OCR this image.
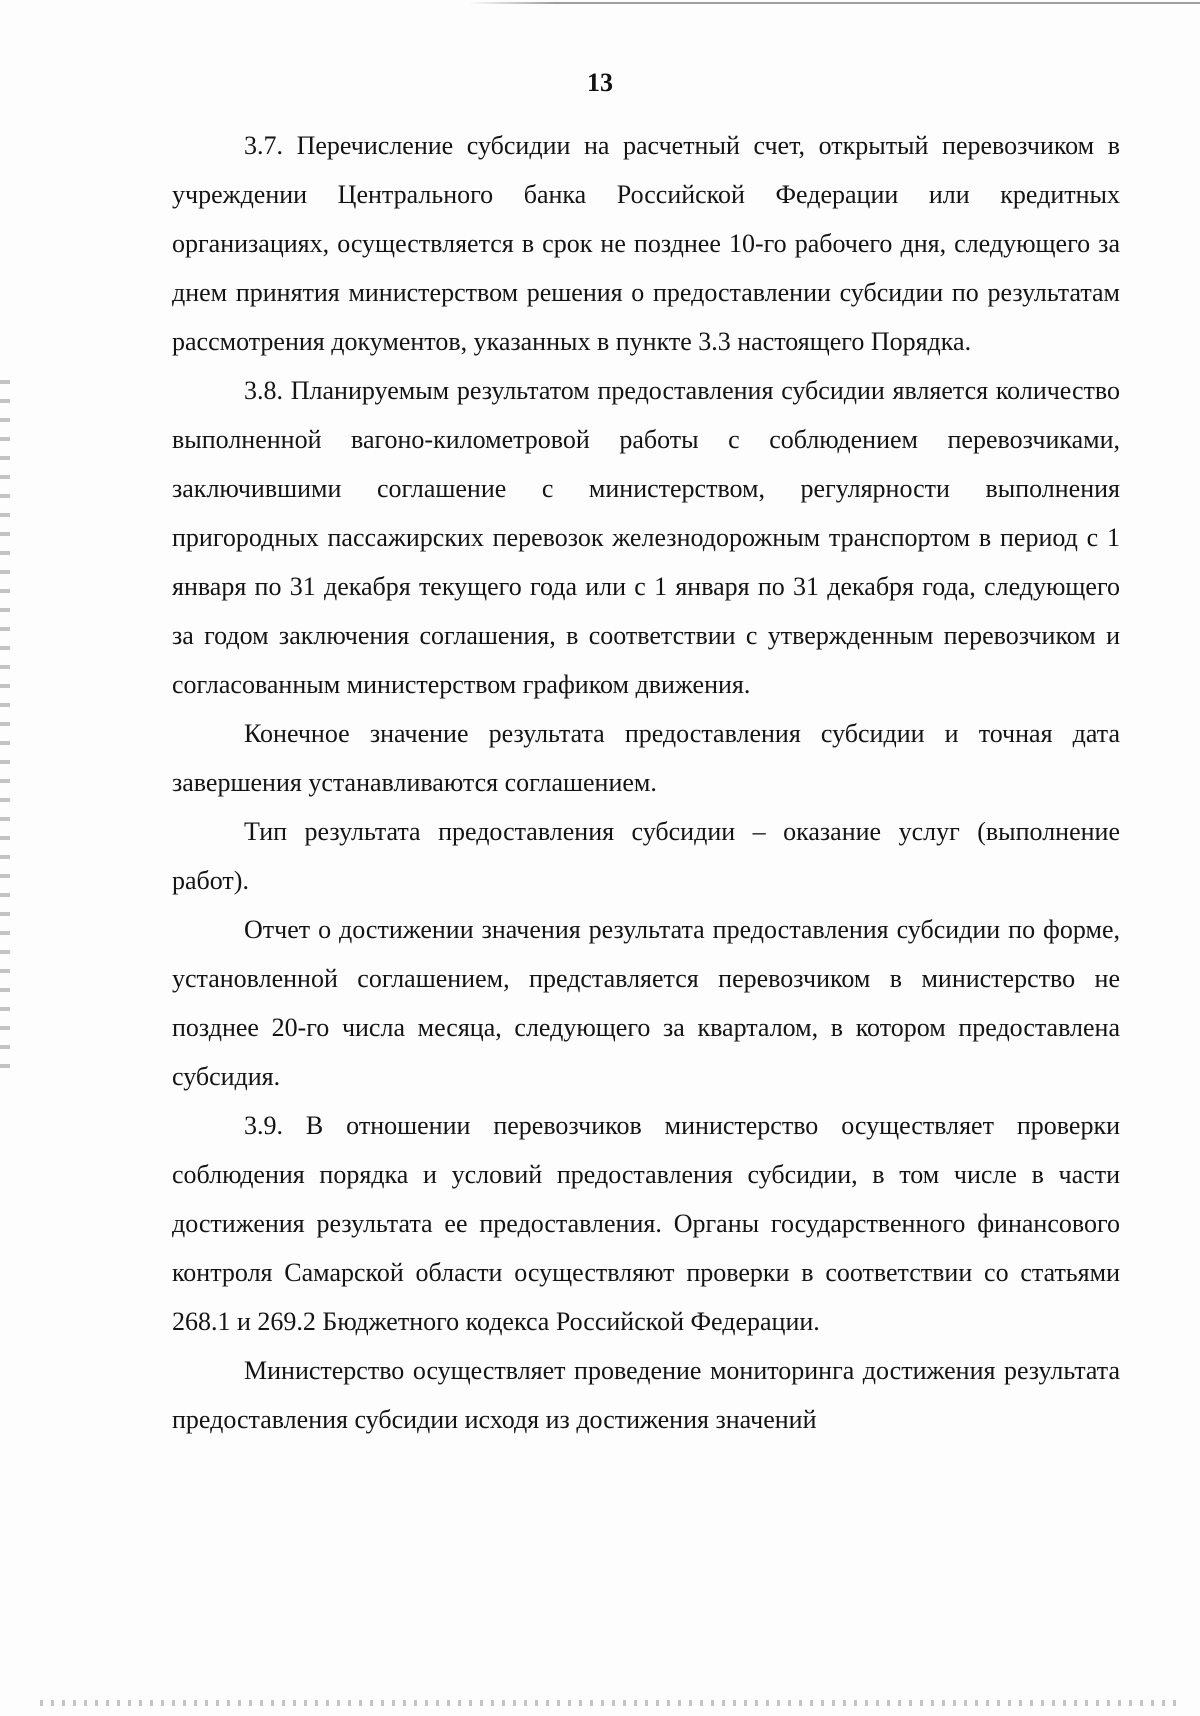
13

3.7. Перечисление субсидии на расчетный счет, открытый перевозчиком в учреждении Центрального банка Российской Федерации или кредитных организациях, осуществляется в срок не позднее 10-го рабочего дня, следующего за днем принятия министерством решения о предоставлении субсидии по результатам рассмотрения документов, указанных в пункте 3.3 настоящего Порядка.

3.8. Планируемым результатом предоставления субсидии является количество выполненной вагоно-километровой работы с соблюдением перевозчиками, заключившими соглашение с министерством, регулярности выполнения пригородных пассажирских перевозок железнодорожным транспортом в период с 1 января по 31 декабря текущего года или с 1 января по 31 декабря года, следующего за годом заключения соглашения, в соответствии с утвержденным перевозчиком и согласованным министерством графиком движения.

Конечное значение результата предоставления субсидии и точная дата завершения устанавливаются соглашением.

Тип результата предоставления субсидии – оказание услуг (выполнение работ).

Отчет о достижении значения результата предоставления субсидии по форме, установленной соглашением, представляется перевозчиком в министерство не позднее 20-го числа месяца, следующего за кварталом, в котором предоставлена субсидия.

3.9. В отношении перевозчиков министерство осуществляет проверки соблюдения порядка и условий предоставления субсидии, в том числе в части достижения результата ее предоставления. Органы государственного финансового контроля Самарской области осуществляют проверки в соответствии со статьями 268.1 и 269.2 Бюджетного кодекса Российской Федерации.

Министерство осуществляет проведение мониторинга достижения результата предоставления субсидии исходя из достижения значений
